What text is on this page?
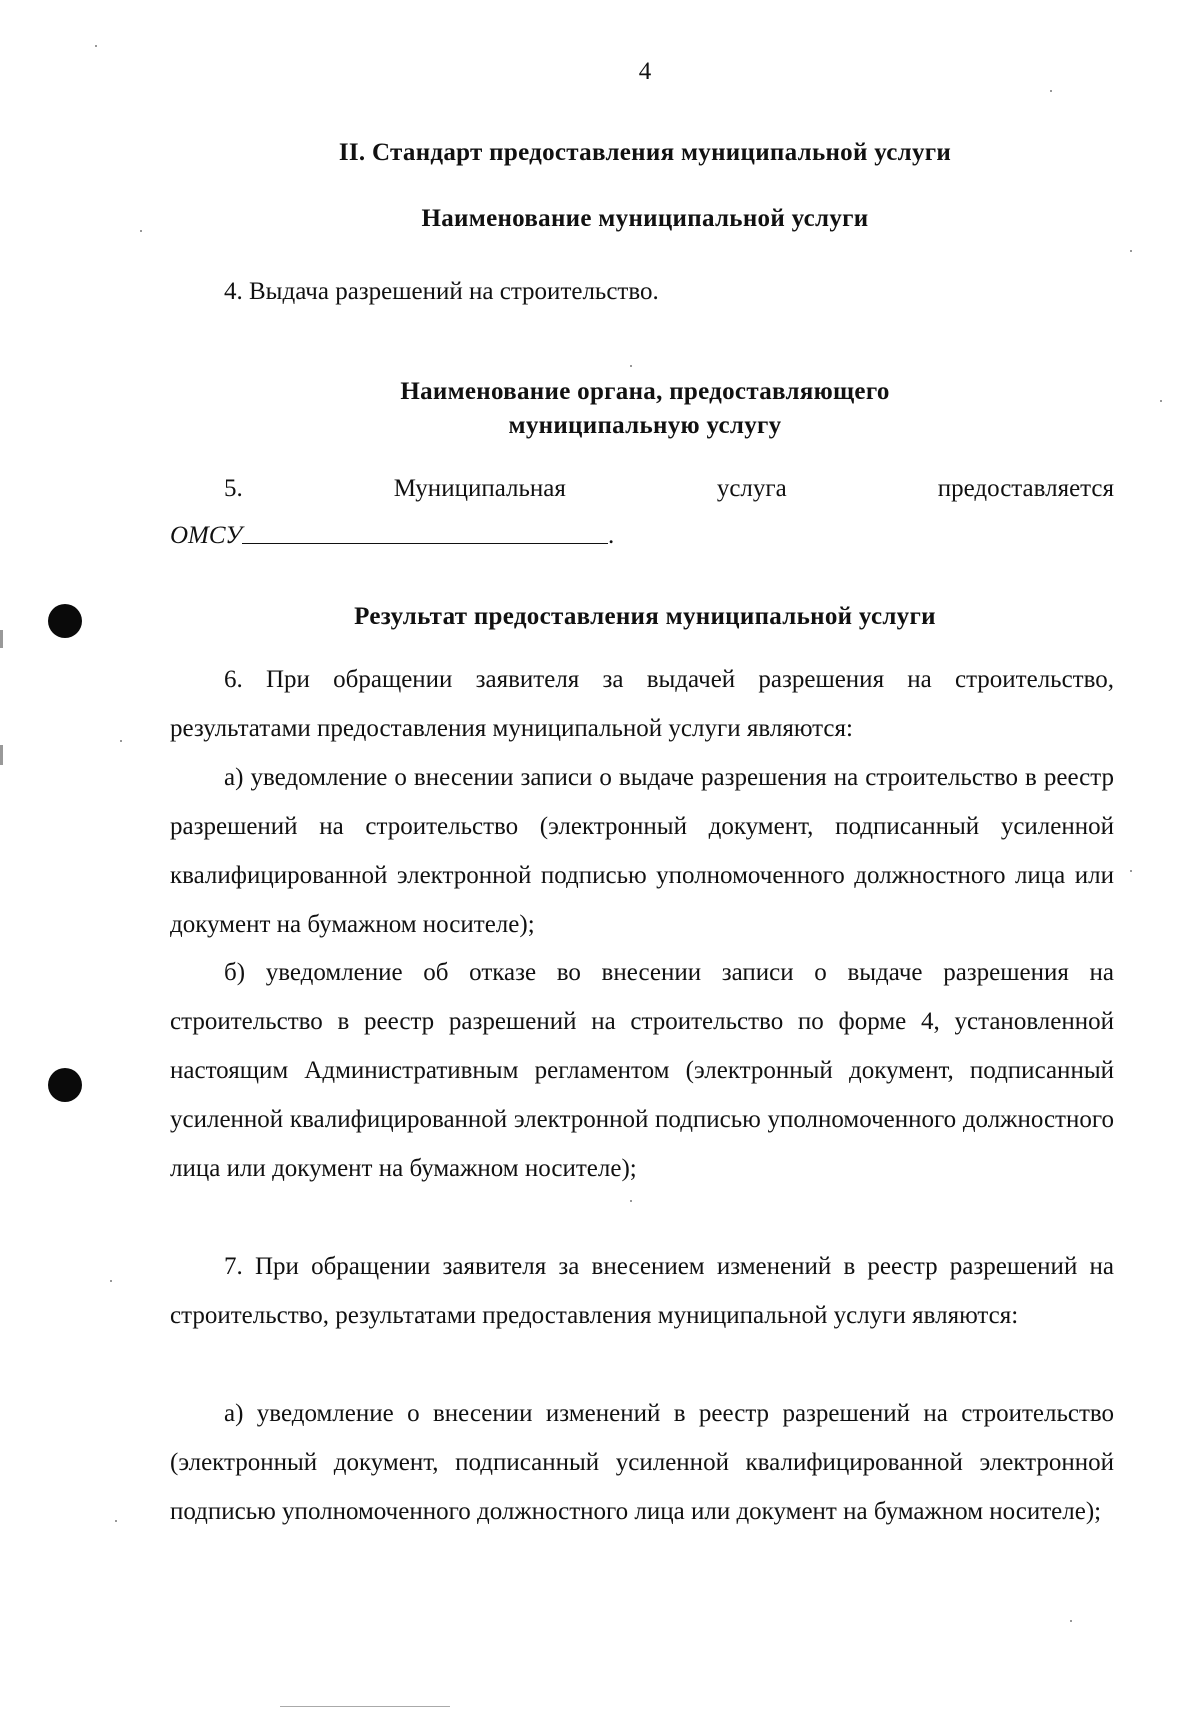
4
II. Стандарт предоставления муниципальной услуги
Наименование муниципальной услуги
4. Выдача разрешений на строительство.
Наименование органа, предоставляющего
муниципальную услугу
5.	Муниципальная	услуга	предоставляется
ОМСУ	.
Результат предоставления муниципальной услуги
6. При обращении заявителя за выдачей разрешения на строительство, результатами предоставления муниципальной услуги являются:
а) уведомление о внесении записи о выдаче разрешения на строительство в реестр разрешений на строительство (электронный документ, подписанный усиленной квалифицированной электронной подписью уполномоченного должностного лица или документ на бумажном носителе);
б) уведомление об отказе во внесении записи о выдаче разрешения на строительство в реестр разрешений на строительство по форме 4, установленной настоящим Административным регламентом (электронный документ, подписанный усиленной квалифицированной электронной подписью уполномоченного должностного лица или документ на бумажном носителе);
7. При обращении заявителя за внесением изменений в реестр разрешений на строительство, результатами предоставления муниципальной услуги являются:
а) уведомление о внесении изменений в реестр разрешений на строительство (электронный документ, подписанный усиленной квалифицированной электронной подписью уполномоченного должностного лица или документ на бумажном носителе);
